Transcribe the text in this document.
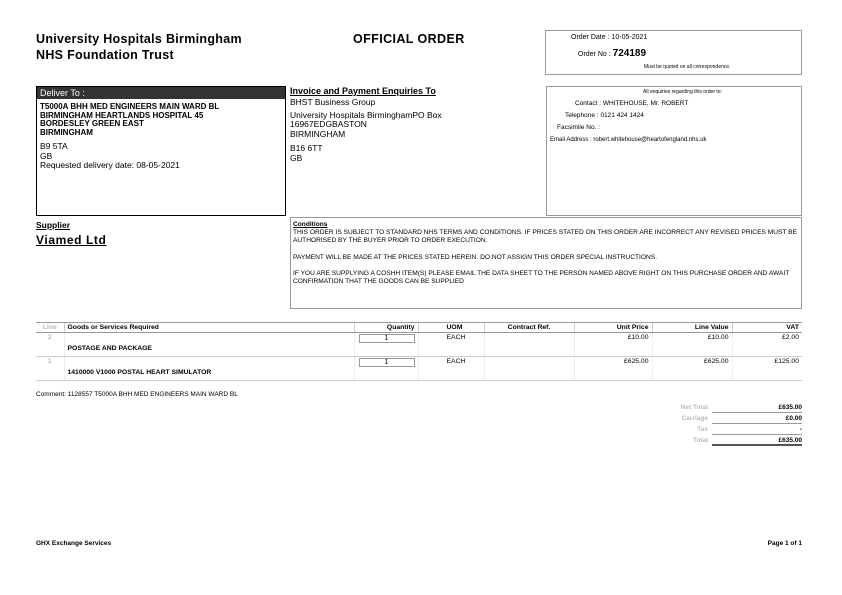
University Hospitals Birmingham
NHS Foundation Trust
OFFICIAL ORDER	Order Date : 10-05-2021
Order No : 724189
Must be quoted on all correspondence.
Deliver To :
T5000A BHH MED ENGINEERS MAIN WARD BL
BIRMINGHAM HEARTLANDS HOSPITAL 45
BORDESLEY GREEN EAST
BIRMINGHAM
B9 5TA
GB
Requested delivery date: 08-05-2021
Invoice and Payment Enquiries To
BHST Business Group
University Hospitals BirminghamPO Box
16967EDGBASTON
BIRMINGHAM
B16 6TT
GB
All enquiries regarding this order to:
Contact : WHITEHOUSE, Mr. ROBERT
Telephone : 0121 424 1424
Facsimile No. :
Email Address : robert.whitehouse@heartofengland.nhs.uk
Supplier
Viamed Ltd
Conditions

THIS ORDER IS SUBJECT TO STANDARD NHS TERMS AND CONDITIONS. IF PRICES STATED ON THIS ORDER ARE INCORRECT ANY REVISED PRICES MUST BE AUTHORISED BY THE BUYER PRIOR TO ORDER EXECUTION.

PAYMENT WILL BE MADE AT THE PRICES STATED HEREIN. DO NOT ASSIGN THIS ORDER SPECIAL INSTRUCTIONS.

IF YOU ARE SUPPLYING A COSHH ITEM(S) PLEASE EMAIL THE DATA SHEET TO THE PERSON NAMED ABOVE RIGHT ON THIS PURCHASE ORDER AND AWAIT CONFIRMATION THAT THE GOODS CAN BE SUPPLIED

Line	Goods or Services Required	Quantity	UOM	Contract Ref.	Unit Price	Line Value	VAT
2	POSTAGE AND PACKAGE	1	EACH		£10.00	£10.00	£2.00
1	1410000 V1000 POSTAL HEART SIMULATOR	1	EACH		£625.00	£625.00	£125.00
Comment: 1128557 T5000A BHH MED ENGINEERS MAIN WARD BL
Net Total	£635.00
Carriage	£0.00
Tax	-
Total	£635.00
GHX Exchange Services	Page 1 of 1
